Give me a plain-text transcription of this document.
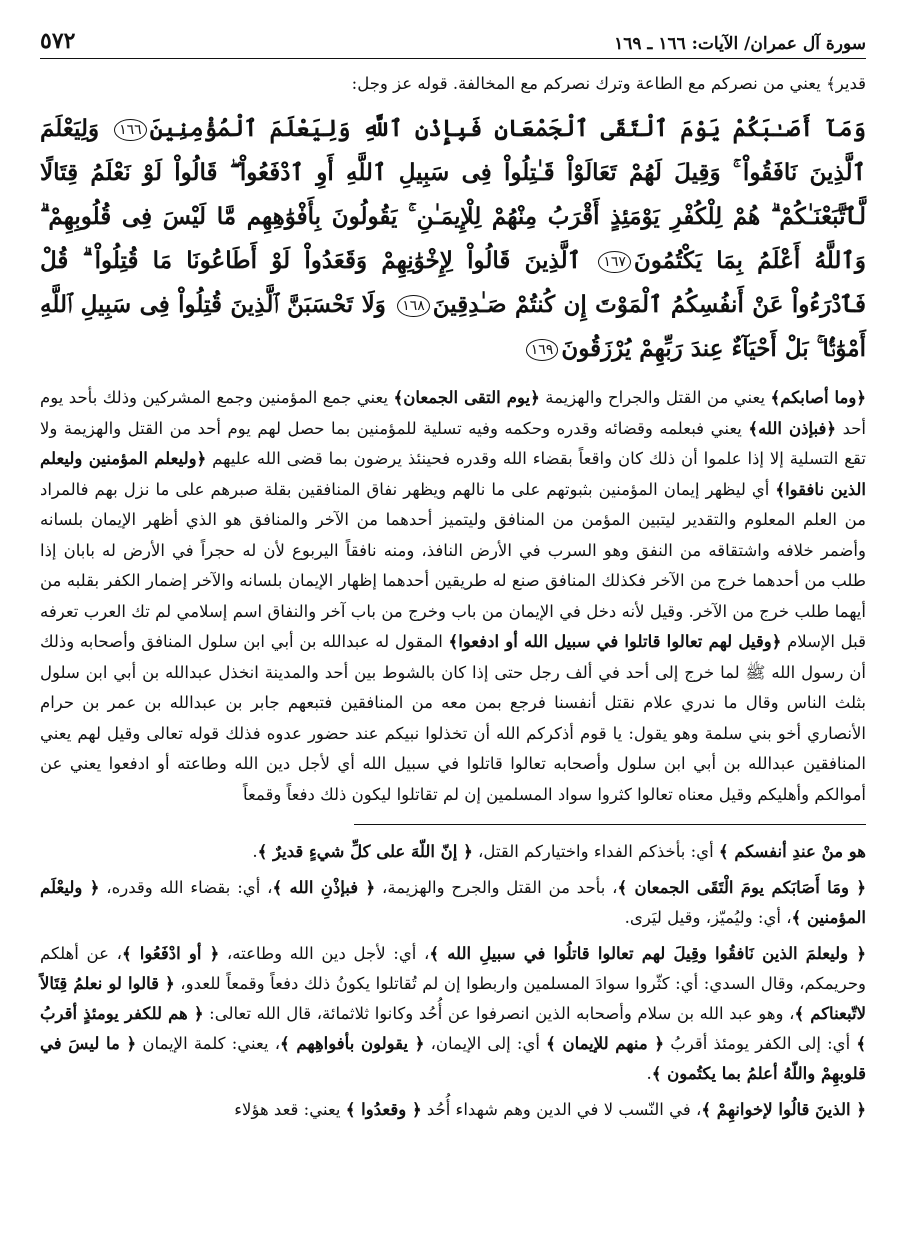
سورة آل عمران/ الآيات: ١٦٦ ـ ١٦٩
٥٧٢
قدير﴾ يعني من نصركم مع الطاعة وترك نصركم مع المخالفة. قوله عز وجل:
وَمَآ أَصَـٰبَكُمْ يَوْمَ ٱلْتَقَى ٱلْجَمْعَانِ فَبِإِذْنِ ٱللَّهِ وَلِيَعْلَمَ ٱلْمُؤْمِنِينَ١٦٦ وَلِيَعْلَمَ ٱلَّذِينَ نَافَقُواْ ۚ وَقِيلَ لَهُمْ تَعَالَوْاْ قَـٰتِلُواْ فِى سَبِيلِ ٱللَّهِ أَوِ ٱدْفَعُواْ ۖ قَالُواْ لَوْ نَعْلَمُ قِتَالًا لَّٱتَّبَعْنَـٰكُمْ ۗ هُمْ لِلْكُفْرِ يَوْمَئِذٍ أَقْرَبُ مِنْهُمْ لِلْإِيمَـٰنِ ۚ يَقُولُونَ بِأَفْوَٰهِهِم مَّا لَيْسَ فِى قُلُوبِهِمْ ۗ وَٱللَّهُ أَعْلَمُ بِمَا يَكْتُمُونَ١٦٧ ٱلَّذِينَ قَالُواْ لِإِخْوَٰنِهِمْ وَقَعَدُواْ لَوْ أَطَاعُونَا مَا قُتِلُواْ ۗ قُلْ فَٱدْرَءُواْ عَنْ أَنفُسِكُمُ ٱلْمَوْتَ إِن كُنتُمْ صَـٰدِقِينَ١٦٨ وَلَا تَحْسَبَنَّ ٱلَّذِينَ قُتِلُواْ فِى سَبِيلِ ٱللَّهِ أَمْوَٰتًۢا ۚ بَلْ أَحْيَآءٌ عِندَ رَبِّهِمْ يُرْزَقُونَ١٦٩
﴿وما أصابكم﴾ يعني من القتل والجراح والهزيمة ﴿يوم التقى الجمعان﴾ يعني جمع المؤمنين وجمع المشركين وذلك بأحد يوم أحد ﴿فبإذن الله﴾ يعني فبعلمه وقضائه وقدره وحكمه وفيه تسلية للمؤمنين بما حصل لهم يوم أحد من القتل والهزيمة ولا تقع التسلية إلا إذا علموا أن ذلك كان واقعاً بقضاء الله وقدره فحينئذ يرضون بما قضى الله عليهم ﴿وليعلم المؤمنين وليعلم الذين نافقوا﴾ أي ليظهر إيمان المؤمنين بثبوتهم على ما نالهم ويظهر نفاق المنافقين بقلة صبرهم على ما نزل بهم فالمراد من العلم المعلوم والتقدير ليتبين المؤمن من المنافق وليتميز أحدهما من الآخر والمنافق هو الذي أظهر الإيمان بلسانه وأضمر خلافه واشتقاقه من النفق وهو السرب في الأرض النافذ، ومنه نافقاً اليربوع لأن له حجراً في الأرض له بابان إذا طلب من أحدهما خرج من الآخر فكذلك المنافق صنع له طريقين أحدهما إظهار الإيمان بلسانه والآخر إضمار الكفر بقلبه من أيهما طلب خرج من الآخر. وقيل لأنه دخل في الإيمان من باب وخرج من باب آخر والنفاق اسم إسلامي لم تك العرب تعرفه قبل الإسلام ﴿وقيل لهم تعالوا قاتلوا في سبيل الله أو ادفعوا﴾ المقول له عبدالله بن أبي ابن سلول المنافق وأصحابه وذلك أن رسول الله ﷺ لما خرج إلى أحد في ألف رجل حتى إذا كان بالشوط بين أحد والمدينة انخذل عبدالله بن أبي ابن سلول بثلث الناس وقال ما ندري علام نقتل أنفسنا فرجع بمن معه من المنافقين فتبعهم جابر بن عبدالله بن عمر بن حرام الأنصاري أخو بني سلمة وهو يقول: يا قوم أذكركم الله أن تخذلوا نبيكم عند حضور عدوه فذلك قوله تعالى وقيل لهم يعني المنافقين عبدالله بن أبي ابن سلول وأصحابه تعالوا قاتلوا في سبيل الله أي لأجل دين الله وطاعته أو ادفعوا يعني عن أموالكم وأهليكم وقيل معناه تعالوا كثروا سواد المسلمين إن لم تقاتلوا ليكون ذلك دفعاً وقمعاً

هو منْ عندِ أنفسكم ﴾ أي: بأخذكم الفداء واختياركم القتل، ﴿ إنّ اللّهَ على كلِّ شيءٍ قديرٌ ﴾.

﴿ ومَا أَصَابَكم يومَ الْتَقَى الجمعان ﴾، بأحد من القتل والجرح والهزيمة، ﴿ فبإذْنِ الله ﴾، أي: بقضاء الله وقدره، ﴿ وليعْلَم المؤمنين ﴾، أي: وليُميّز، وقيل ليَرى.

﴿ وليعلمَ الذين نَافقُوا وقِيلَ لهم تعالوا قاتلُوا في سبيلِ الله ﴾، أي: لأجل دين الله وطاعته، ﴿ أو ادْفَعُوا ﴾، عن أهلكم وحريمكم، وقال السدي: أي: كثّروا سوادَ المسلمين واربطوا إن لم تُقاتلوا يكونُ ذلك دفعاً وقمعاً للعدو، ﴿ قالوا لو نعلمُ قِتَالاً لاتّبعناكم ﴾، وهو عبد الله بن سلام وأصحابه الذين انصرفوا عن أُحُد وكانوا ثلاثمائة، قال الله تعالى: ﴿ هم للكفر يومئذٍ أقربُ ﴾ أي: إلى الكفر يومئذ أقربُ ﴿ منهم للإيمان ﴾ أي: إلى الإيمان، ﴿ يقولون بأفواهِهم ﴾، يعني: كلمة الإيمان ﴿ ما ليسَ في قلوبهِمْ واللّهُ أعلمُ بما يكتُمون ﴾.

﴿ الذينَ قالُوا لإخوانهِمْ ﴾، في النّسب لا في الدين وهم شهداء أُحُد ﴿ وقعدُوا ﴾ يعني: قعد هؤلاء
